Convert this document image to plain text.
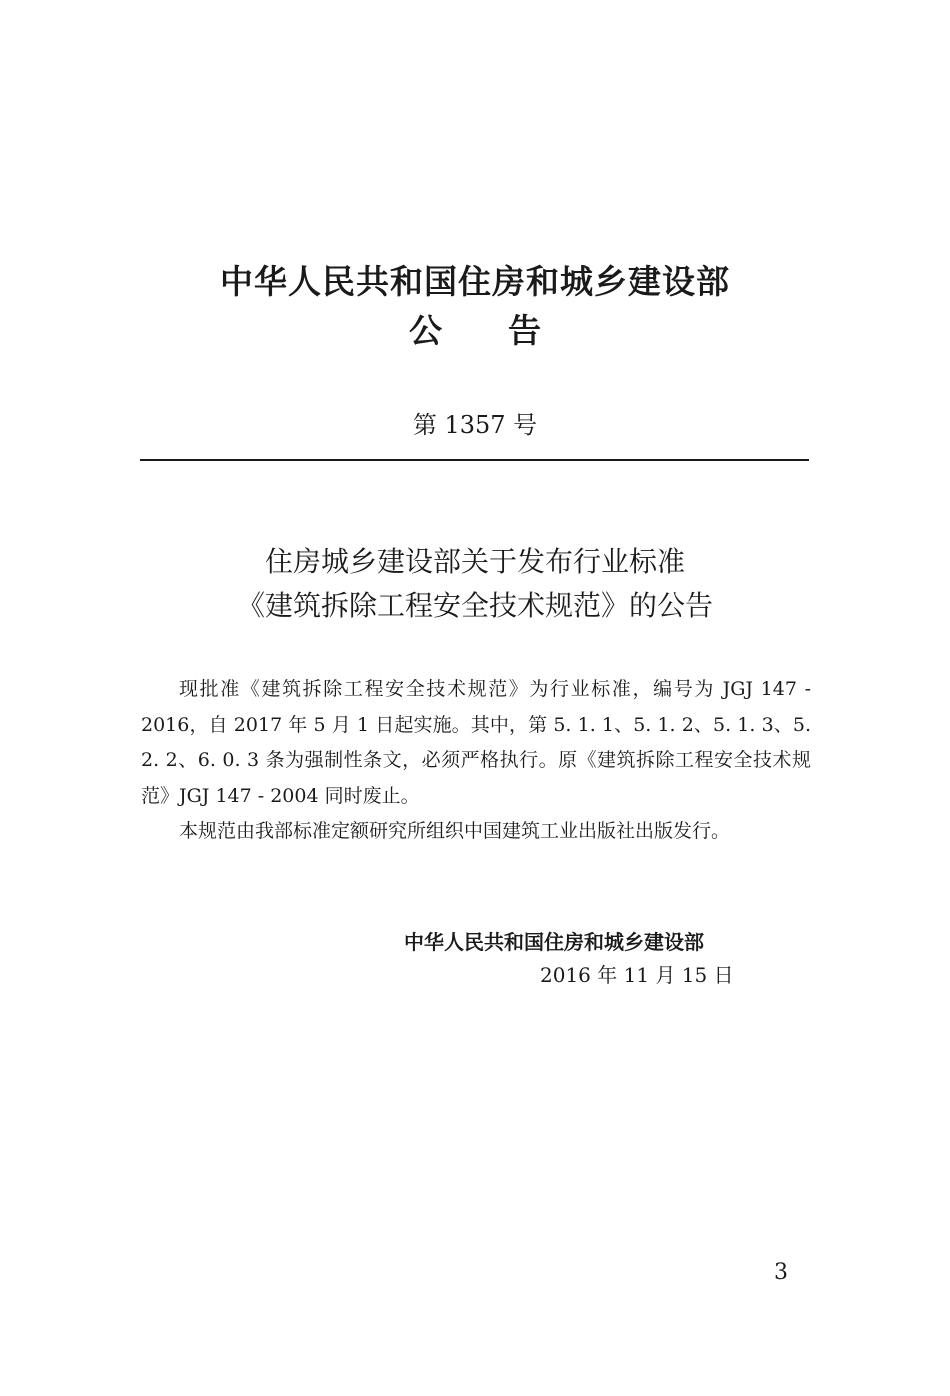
中华人民共和国住房和城乡建设部
公 告
第 1357 号
住房城乡建设部关于发布行业标准
《建筑拆除工程安全技术规范》的公告

现批准《建筑拆除工程安全技术规范》为行业标准，编号为 JGJ 147 - 2016，自 2017 年 5 月 1 日起实施。其中，第 5. 1. 1、5. 1. 2、5. 1. 3、5. 2. 2、6. 0. 3 条为强制性条文，必须严格执行。原《建筑拆除工程安全技术规范》JGJ 147 - 2004 同时废止。

本规范由我部标准定额研究所组织中国建筑工业出版社出版发行。

中华人民共和国住房和城乡建设部
2016 年 11 月 15 日
3
